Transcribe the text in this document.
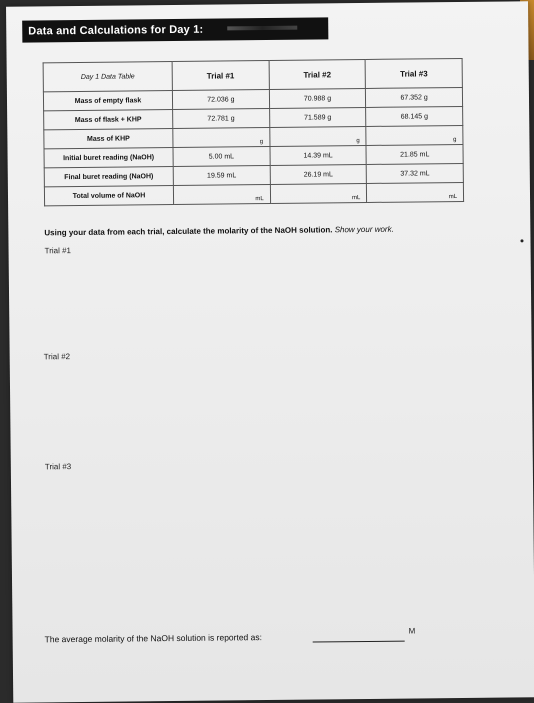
Data and Calculations for Day 1:
Day 1 Data Table	Trial #1	Trial #2	Trial #3
Mass of empty flask	72.036 g	70.988 g	67.352 g
Mass of flask + KHP	72.781 g	71.589 g	68.145 g
Mass of KHP	g	g	g

Initial buret reading (NaOH)	5.00 mL	14.39 mL	21.85 mL
Final buret reading (NaOH)	19.59 mL	26.19 mL	37.32 mL
Total volume of NaOH	mL	mL	mL
Using your data from each trial, calculate the molarity of the NaOH solution. Show your work.
Trial #1
Trial #2
Trial #3
The average molarity of the NaOH solution is reported as:
M
